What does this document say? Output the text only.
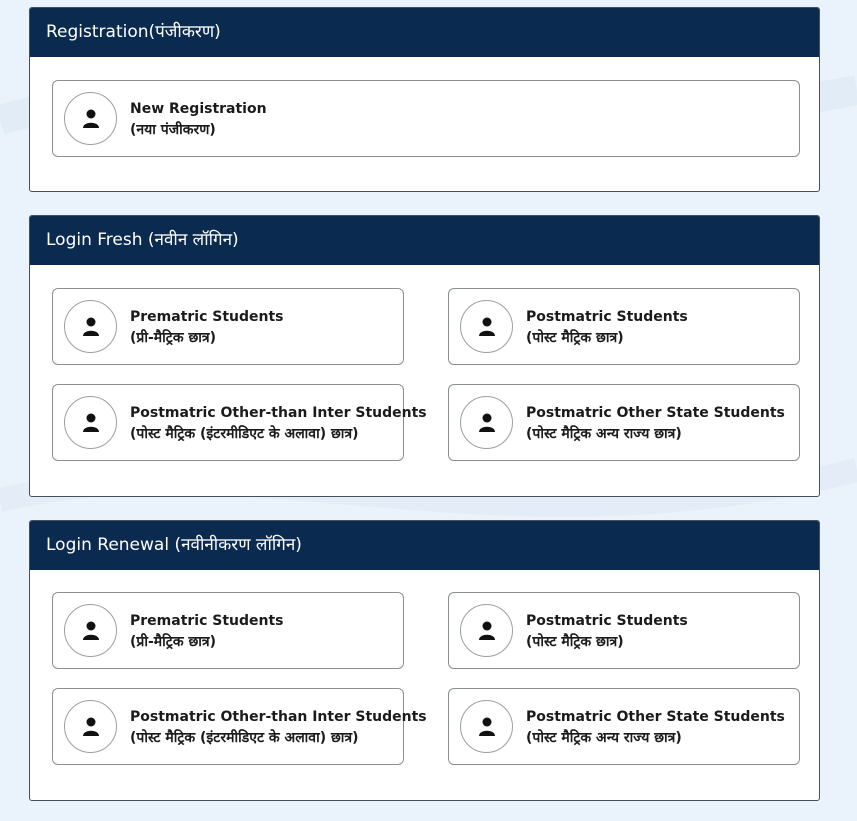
Registration(पंजीकरण)
New Registration
(नया पंजीकरण)
Login Fresh (नवीन लॉगिन)
Prematric Students
(प्री-मैट्रिक छात्र)
Postmatric Students
(पोस्ट मैट्रिक छात्र)
Postmatric Other-than Inter Students
(पोस्ट मैट्रिक (इंटरमीडिएट के अलावा) छात्र)
Postmatric Other State Students
(पोस्ट मैट्रिक अन्य राज्य छात्र)
Login Renewal (नवीनीकरण लॉगिन)
Prematric Students
(प्री-मैट्रिक छात्र)
Postmatric Students
(पोस्ट मैट्रिक छात्र)
Postmatric Other-than Inter Students
(पोस्ट मैट्रिक (इंटरमीडिएट के अलावा) छात्र)
Postmatric Other State Students
(पोस्ट मैट्रिक अन्य राज्य छात्र)
